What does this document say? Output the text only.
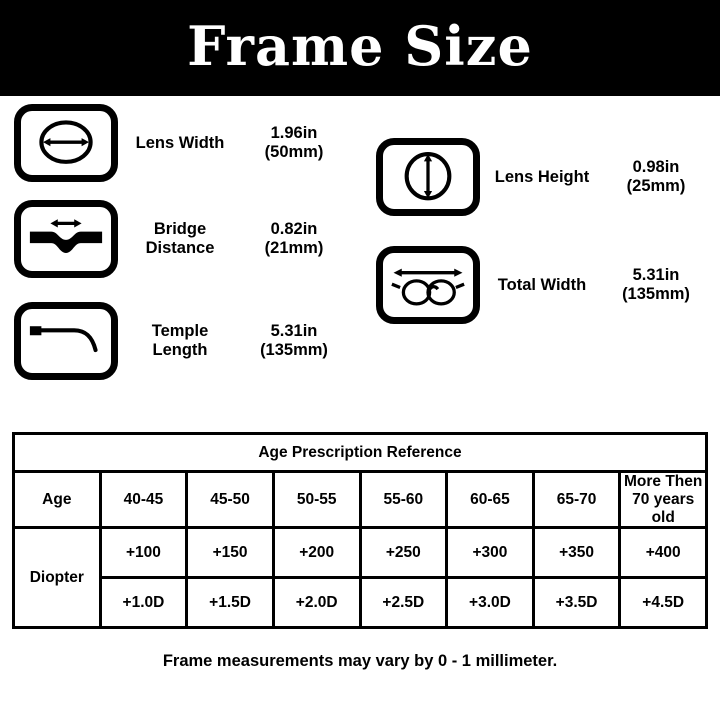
Frame Size
Lens Width
1.96in
(50mm)
Bridge
Distance
0.82in
(21mm)
Temple
Length
5.31in
(135mm)
Lens Height
0.98in
(25mm)
Total Width
5.31in
(135mm)
Age Prescription Reference							
Age	40-45	45-50	50-55	55-60	60-65	65-70	More Then
70 years old

Diopter	+100	+150	+200	+250	+300	+350	+400
	+1.0D	+1.5D	+2.0D	+2.5D	+3.0D	+3.5D	+4.5D
Frame measurements may vary by 0 - 1 millimeter.
